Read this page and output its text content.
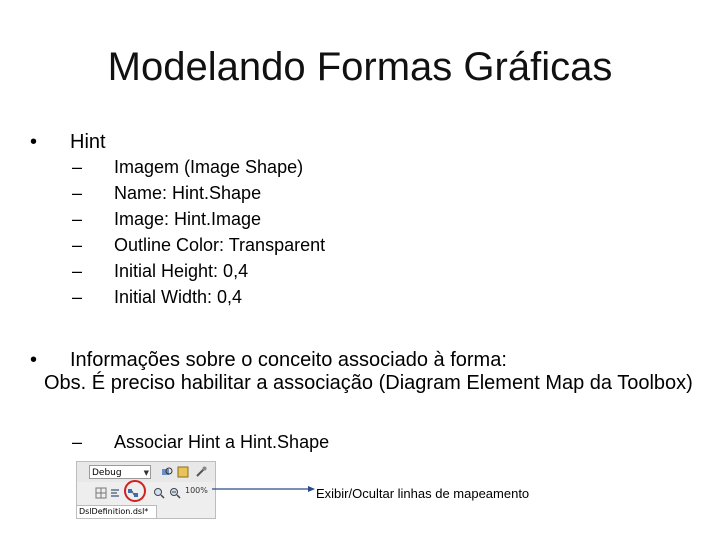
Modelando Formas Gráficas
• Hint
– Imagem (Image Shape)
– Name: Hint.Shape
– Image: Hint.Image
– Outline Color: Transparent
– Initial Height: 0,4
– Initial Width: 0,4
• Informações sobre o conceito associado à forma:
Obs. É preciso habilitar a associação (Diagram Element Map da Toolbox)
– Associar Hint a Hint.Shape
Debug	▼
100%
DslDefinition.dsl*
Exibir/Ocultar linhas de mapeamento
